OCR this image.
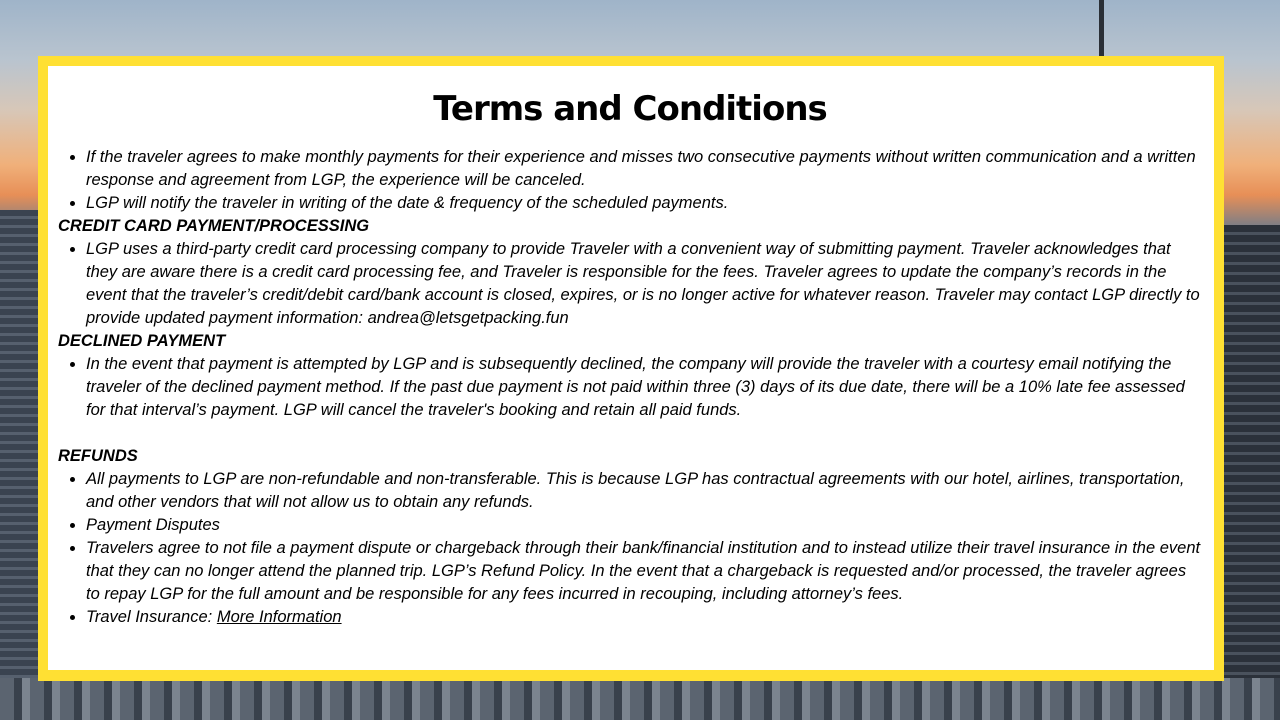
Terms and Conditions
• If the traveler agrees to make monthly payments for their experience and misses two consecutive payments without written communication and a written response and agreement from LGP, the experience will be canceled.
• LGP will notify the traveler in writing of the date & frequency of the scheduled payments.

CREDIT CARD PAYMENT/PROCESSING

• LGP uses a third-party credit card processing company to provide Traveler with a convenient way of submitting payment. Traveler acknowledges that they are aware there is a credit card processing fee, and Traveler is responsible for the fees. Traveler agrees to update the company’s records in the event that the traveler’s credit/debit card/bank account is closed, expires, or is no longer active for whatever reason. Traveler may contact LGP directly to provide updated payment information: andrea@letsgetpacking.fun

DECLINED PAYMENT

• In the event that payment is attempted by LGP and is subsequently declined, the company will provide the traveler with a courtesy email notifying the traveler of the declined payment method. If the past due payment is not paid within three (3) days of its due date, there will be a 10% late fee assessed for that interval’s payment. LGP will cancel the traveler's booking and retain all paid funds.

REFUNDS

• All payments to LGP are non-refundable and non-transferable. This is because LGP has contractual agreements with our hotel, airlines, transportation, and other vendors that will not allow us to obtain any refunds.
• Payment Disputes
• Travelers agree to not file a payment dispute or chargeback through their bank/financial institution and to instead utilize their travel insurance in the event that they can no longer attend the planned trip. LGP’s Refund Policy. In the event that a chargeback is requested and/or processed, the traveler agrees to repay LGP for the full amount and be responsible for any fees incurred in recouping, including attorney’s fees.
• Travel Insurance: More Information
